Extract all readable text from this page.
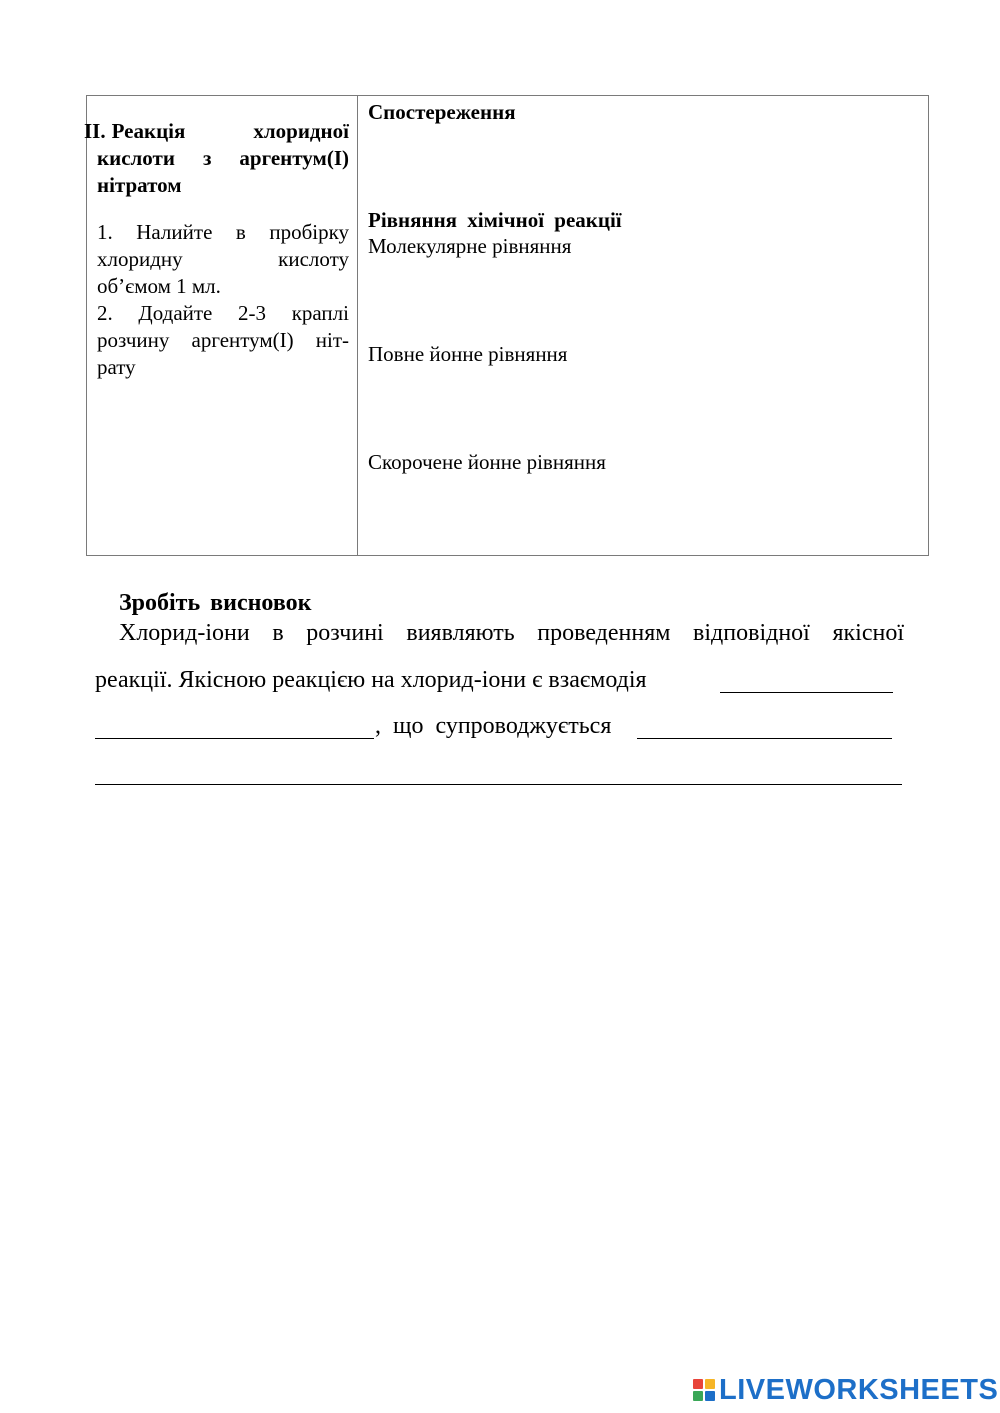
II. Реакція	хлоридної
кислоти з аргентум(I)
нітратом
1. Налийте в пробірку
хлоридну кислоту
об’ємом 1 мл.
2. Додайте 2-3 краплі
розчину аргентум(I) ніт-
рату
Спостереження
Рівняння хімічної реакції
Молекулярне рівняння
Повне йонне рівняння
Скорочене йонне рівняння
Зробіть висновок
Хлорид-іони в розчині виявляють проведенням відповідної якісної
реакції. Якісною реакцією на хлорид-іони є взаємодія
, що супроводжується
LIVEWORKSHEETS
